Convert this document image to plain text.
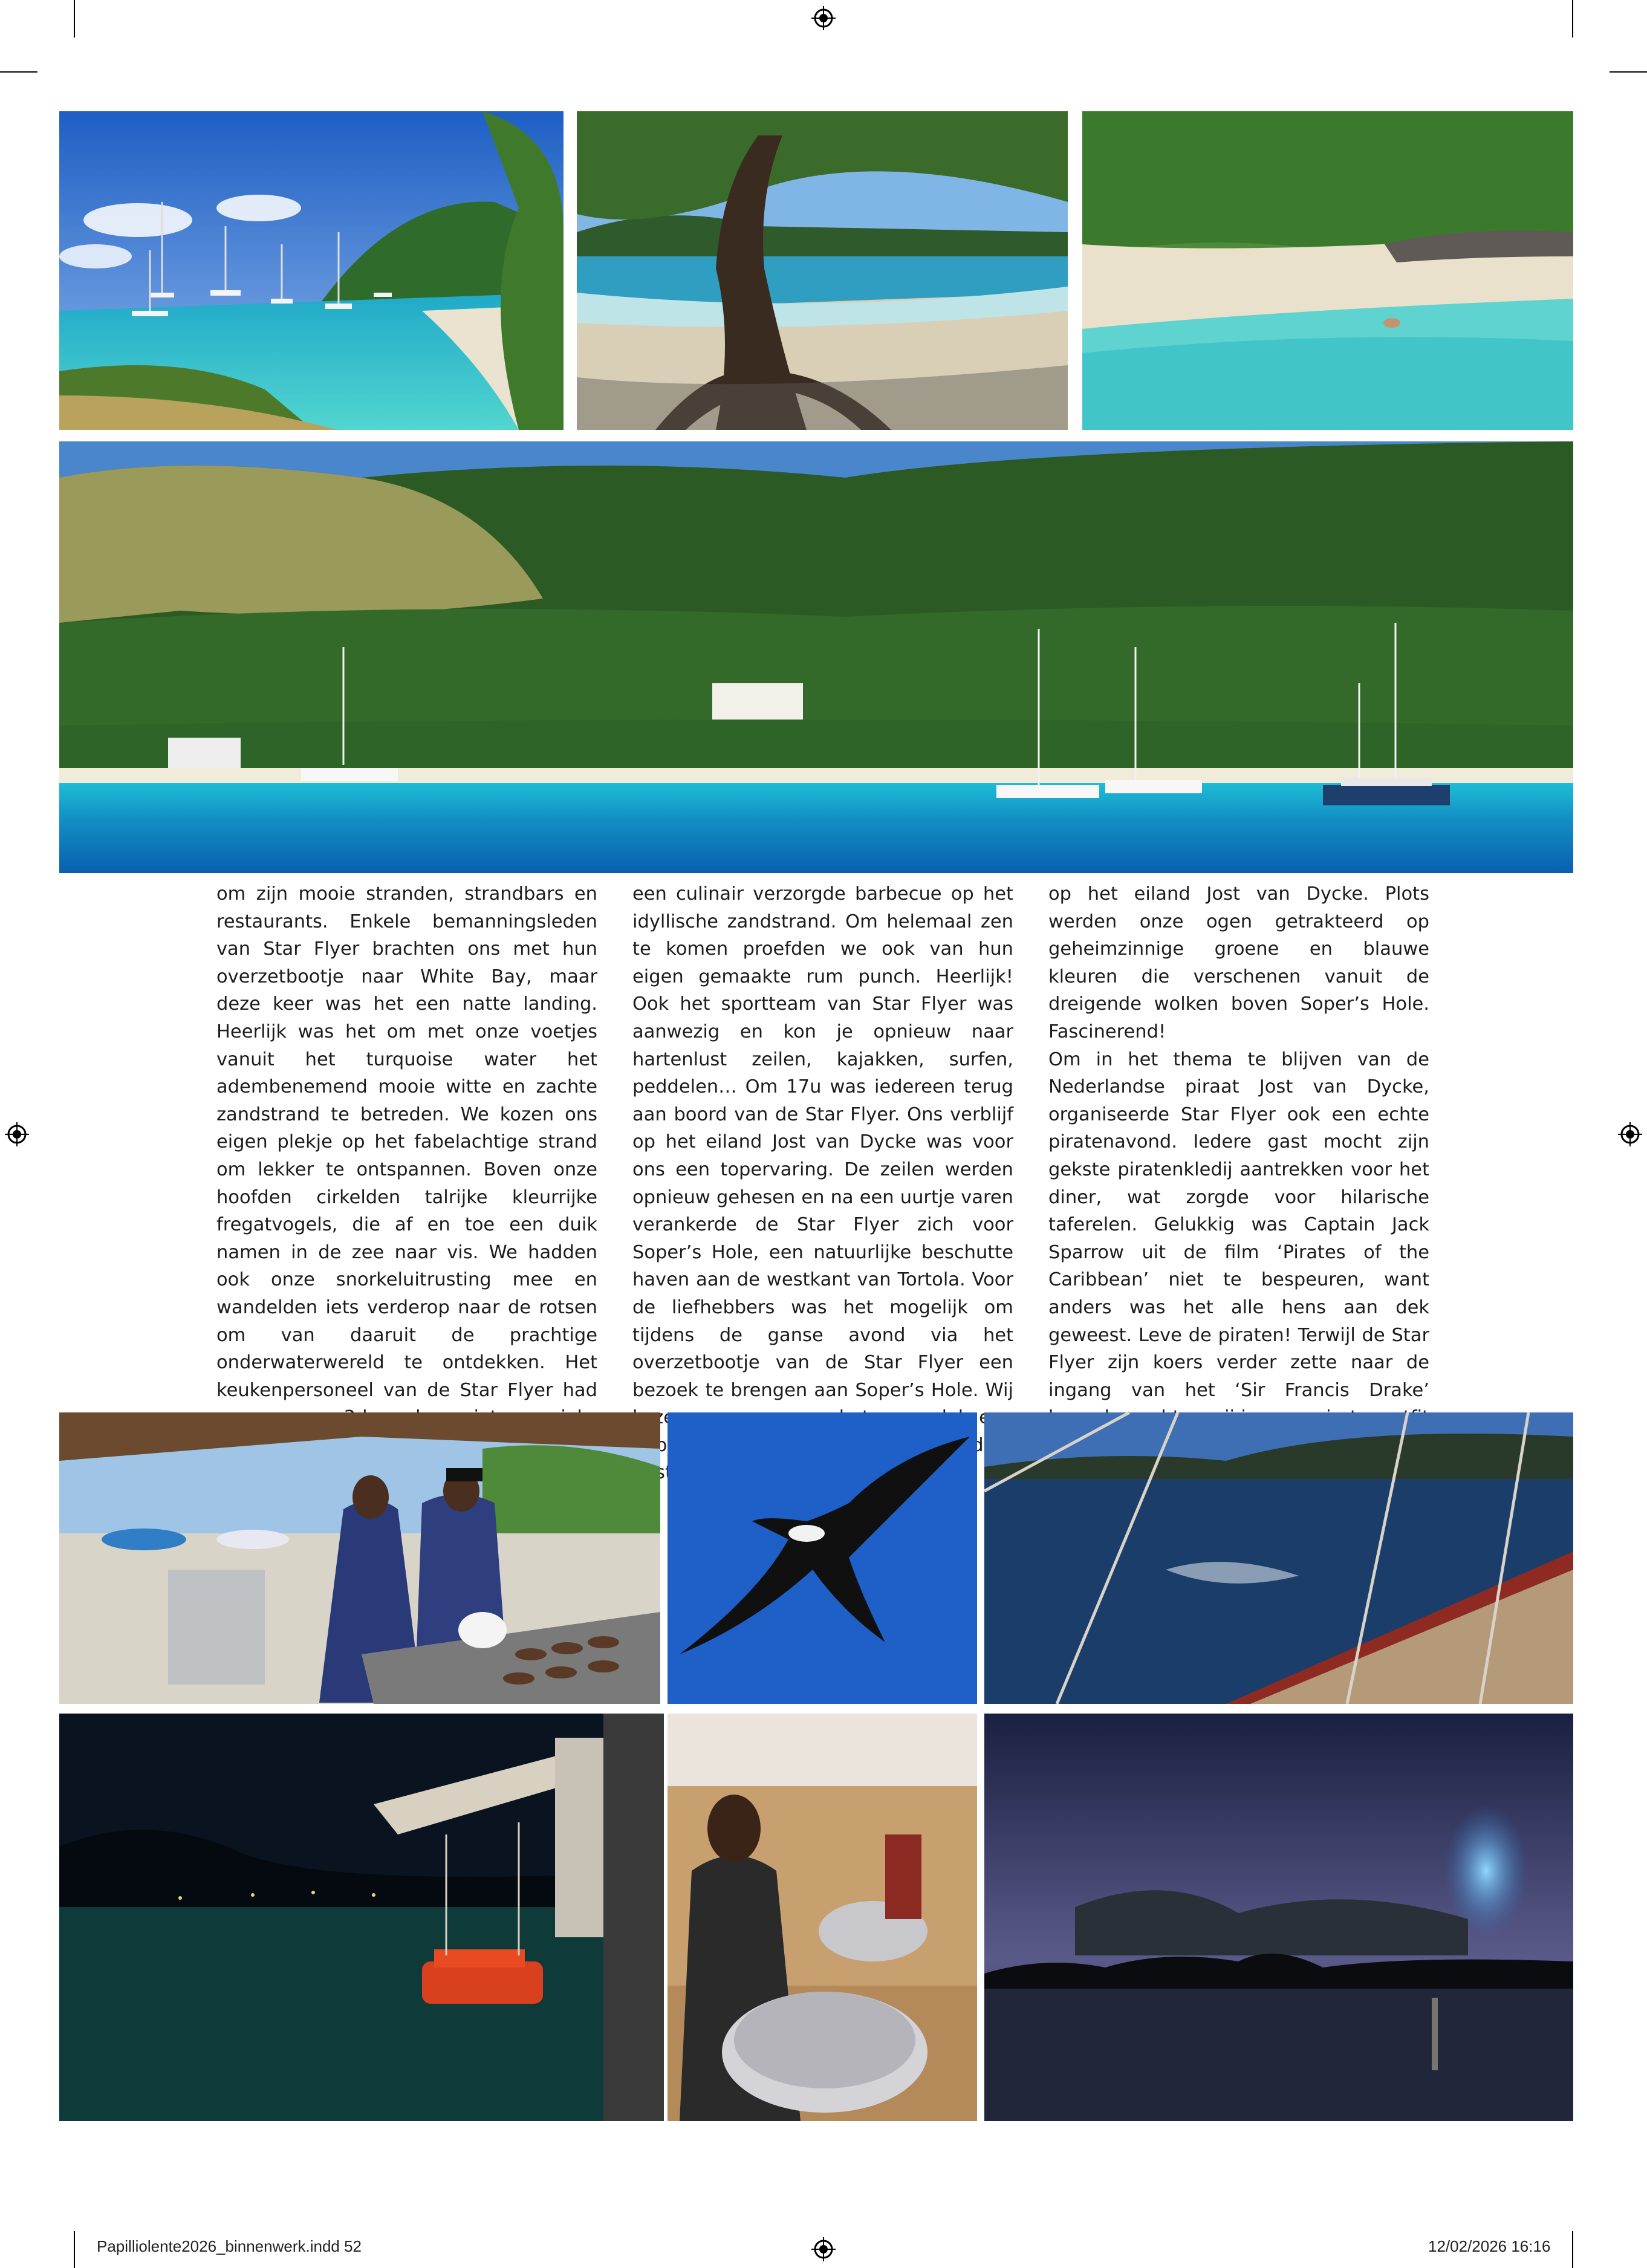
om zijn mooie stranden, strandbars en restaurants. Enkele bemanningsleden van Star Flyer brachten ons met hun overzetbootje naar White Bay, maar deze keer was het een natte landing. Heerlijk was het om met onze voetjes vanuit het turquoise water het adembenemend mooie witte en zachte zandstrand te betreden. We kozen ons eigen plekje op het fabelachtige strand om lekker te ontspannen. Boven onze hoofden cirkelden talrijke kleurrijke fregatvogels, die af en toe een duik namen in de zee naar vis. We hadden ook onze snorkeluitrusting mee en wandelden iets verderop naar de rotsen om van daaruit de prachtige onderwaterwereld te ontdekken. Het keukenpersoneel van de Star Flyer had

een culinair verzorgde barbecue op het idyllische zandstrand. Om helemaal zen te komen proefden we ook van hun eigen gemaakte rum punch. Heerlijk! Ook het sportteam van Star Flyer was aanwezig en kon je opnieuw naar hartenlust zeilen, kajakken, surfen, peddelen… Om 17u was iedereen terug aan boord van de Star Flyer. Ons verblijf op het eiland Jost van Dycke was voor ons een topervaring. De zeilen werden opnieuw gehesen en na een uurtje varen verankerde de Star Flyer zich voor Soper’s Hole, een natuurlijke beschutte haven aan de westkant van Tortola. Voor de liefhebbers was het mogelijk om tijdens de ganse avond via het overzetbootje van de Star Flyer een bezoek te brengen aan Soper’s Hole. Wij andere gasten

op het eiland Jost van Dycke. Plots werden onze ogen getrakteerd op geheimzinnige groene en blauwe kleuren die verschenen vanuit de dreigende wolken boven Soper’s Hole. Fascinerend!

Om in het thema te blijven van de Nederlandse piraat Jost van Dycke, organiseerde Star Flyer ook een echte piratenavond. Iedere gast mocht zijn gekste piratenkledij aantrekken voor het diner, wat zorgde voor hilarische taferelen. Gelukkig was Captain Jack Sparrow uit de film ‘Pirates of the Caribbean’ niet te bespeuren, want anders was het alle hens aan dek geweest. Leve de piraten! Terwijl de Star Flyer zijn koers verder zette naar de ingang van het ‘Sir Francis Drake’

Papilliolente2026_binnenwerk.indd 52	12/02/2026 16:16
